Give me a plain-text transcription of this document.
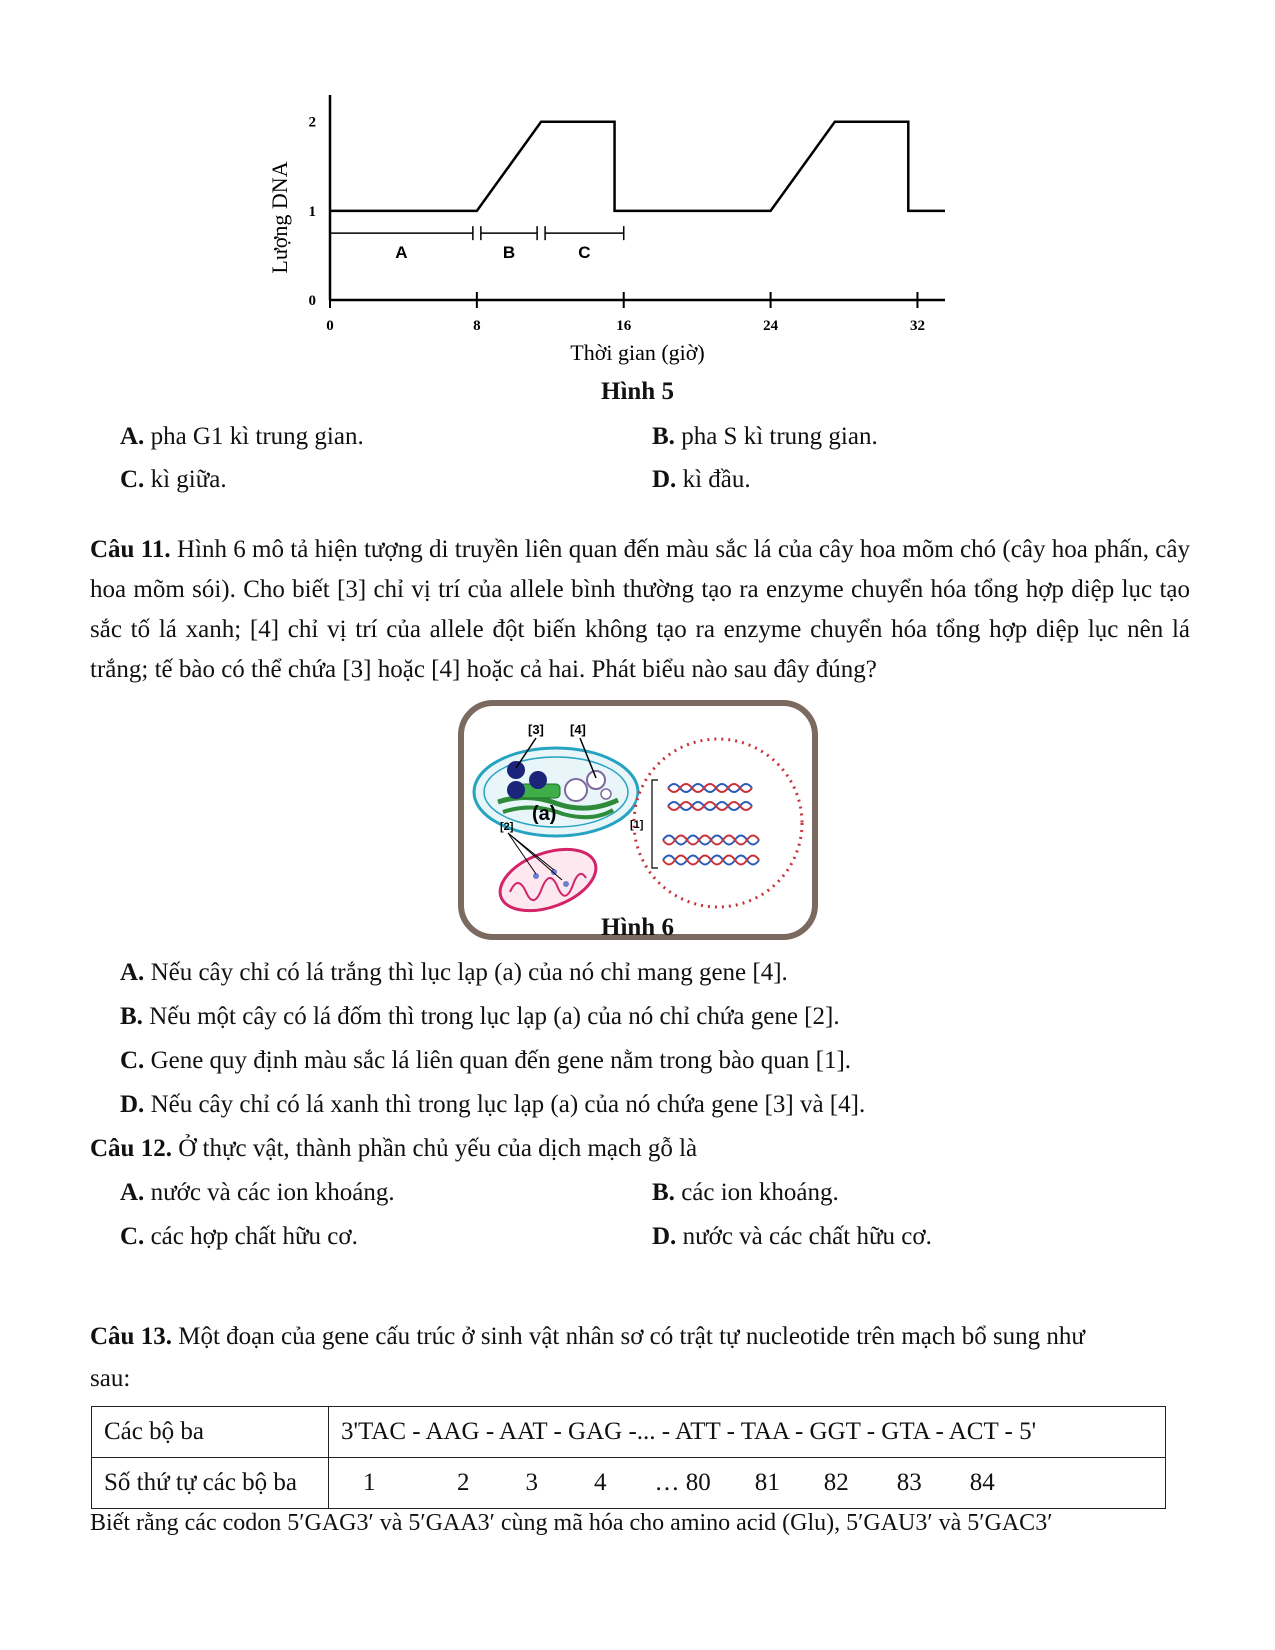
0	8	16	24	32
0
1
2
A	B	C
Thời gian (giờ)
Lượng DNA
Hình 5
A. pha G1 kì trung gian.	B. pha S kì trung gian.
C. kì giữa.	D. kì đầu.
Câu 11. Hình 6 mô tả hiện tượng di truyền liên quan đến màu sắc lá của cây hoa mõm chó (cây hoa phấn, cây hoa mõm sói). Cho biết [3] chỉ vị trí của allele bình thường tạo ra enzyme chuyển hóa tổng hợp diệp lục tạo sắc tố lá xanh; [4] chỉ vị trí của allele đột biến không tạo ra enzyme chuyển hóa tổng hợp diệp lục nên lá trắng; tế bào có thể chứa [3] hoặc [4] hoặc cả hai. Phát biểu nào sau đây đúng?
[3] [4]
(a)
[2]	[1]
Hình 6
A. Nếu cây chỉ có lá trắng thì lục lạp (a) của nó chỉ mang gene [4].
B. Nếu một cây có lá đốm thì trong lục lạp (a) của nó chỉ chứa gene [2].
C. Gene quy định màu sắc lá liên quan đến gene nằm trong bào quan [1].
D. Nếu cây chỉ có lá xanh thì trong lục lạp (a) của nó chứa gene [3] và [4].
Câu 12. Ở thực vật, thành phần chủ yếu của dịch mạch gỗ là
A. nước và các ion khoáng.	B. các ion khoáng.
C. các hợp chất hữu cơ.	D. nước và các chất hữu cơ.
Câu 13. Một đoạn của gene cấu trúc ở sinh vật nhân sơ có trật tự nucleotide trên mạch bổ sung như
sau:
Các bộ ba	3'TAC - AAG - AAT - GAG -... - ATT - TAA - GGT - GTA - ACT - 5'
Số thứ tự các bộ ba	1 2 3 4 … 80 81 82 83 84
Biết rằng các codon 5′GAG3′ và 5′GAA3′ cùng mã hóa cho amino acid (Glu), 5′GAU3′ và 5′GAC3′
